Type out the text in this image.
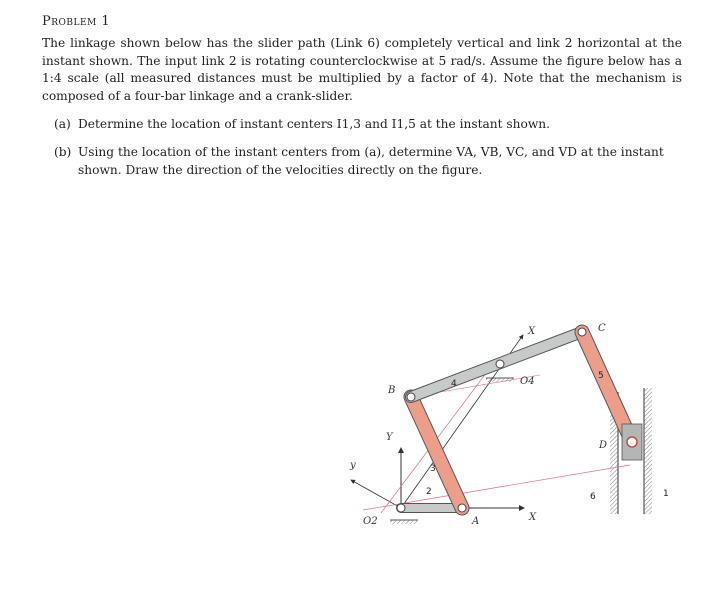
Problem 1
The linkage shown below has the slider path (Link 6) completely vertical and link 2 horizontal at the instant shown. The input link 2 is rotating counterclockwise at 5 rad/s. Assume the figure below has a 1:4 scale (all measured distances must be multiplied by a factor of 4). Note that the mechanism is composed of a four-bar linkage and a crank-slider.
(a) Determine the location of instant centers I1,3 and I1,5 at the instant shown.
(b) Using the location of the instant centers from (a), determine VA, VB, VC, and VD at the instant
shown. Draw the direction of the velocities directly on the figure.
B
C
D
A
O2
O4
X
X
Y
y
1
2
3
4
5
6
